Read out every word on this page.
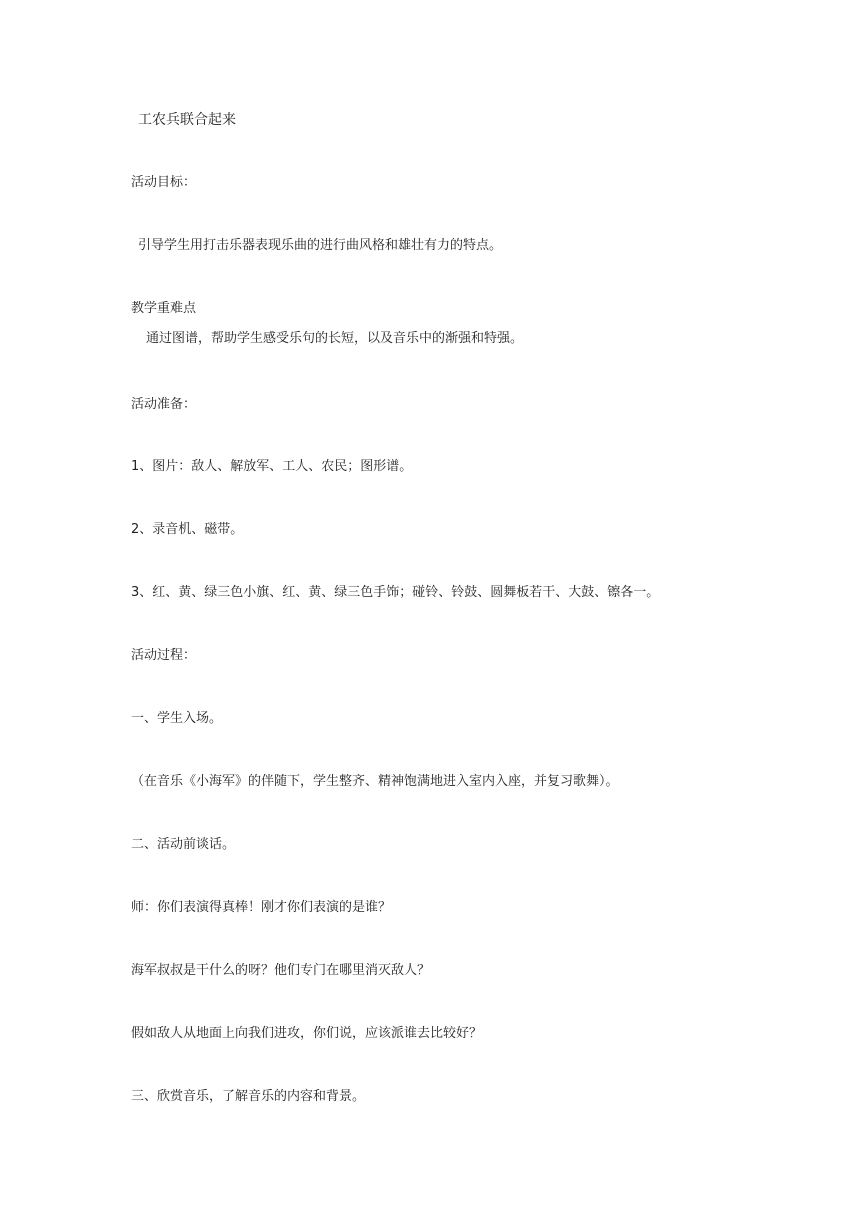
工农兵联合起来

活动目标：

引导学生用打击乐器表现乐曲的进行曲风格和雄壮有力的特点。

教学重难点

通过图谱，帮助学生感受乐句的长短，以及音乐中的渐强和特强。

活动准备：

1、图片：敌人、解放军、工人、农民；图形谱。

2、录音机、磁带。

3、红、黄、绿三色小旗、红、黄、绿三色手饰；碰铃、铃鼓、圆舞板若干、大鼓、镲各一。

活动过程：

一、学生入场。

（在音乐《小海军》的伴随下，学生整齐、精神饱满地进入室内入座，并复习歌舞）。

二、活动前谈话。

师：你们表演得真棒！刚才你们表演的是谁？

海军叔叔是干什么的呀？他们专门在哪里消灭敌人？

假如敌人从地面上向我们进攻，你们说，应该派谁去比较好？

三、欣赏音乐，了解音乐的内容和背景。
